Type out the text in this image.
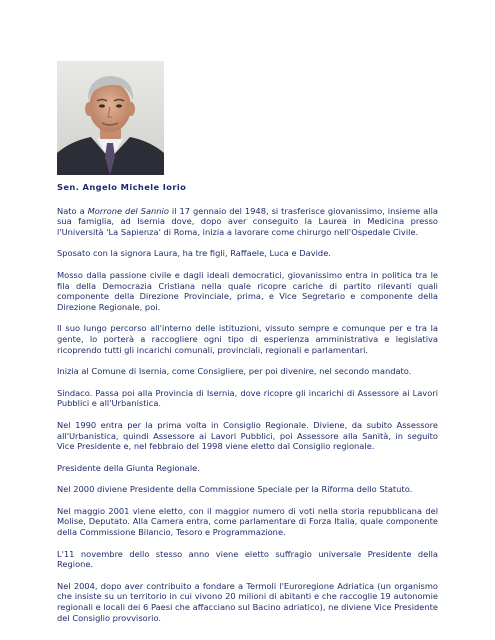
Sen. Angelo Michele Iorio

Nato a Morrone del Sannio il 17 gennaio del 1948, si trasferisce giovanissimo, insieme alla sua famiglia, ad Isernia dove, dopo aver conseguito la Laurea in Medicina presso l'Università 'La Sapienza' di Roma, inizia a lavorare come chirurgo nell'Ospedale Civile.

Sposato con la signora Laura, ha tre figli, Raffaele, Luca e Davide.

Mosso dalla passione civile e dagli ideali democratici, giovanissimo entra in politica tra le fila della Democrazia Cristiana nella quale ricopre cariche di partito rilevanti quali componente della Direzione Provinciale, prima, e Vice Segretario e componente della Direzione Regionale, poi.

Il suo lungo percorso all'interno delle istituzioni, vissuto sempre e comunque per e tra la gente, lo porterà a raccogliere ogni tipo di esperienza amministrativa e legislativa ricoprendo tutti gli incarichi comunali, provinciali, regionali e parlamentari.

Inizia al Comune di Isernia, come Consigliere, per poi divenire, nel secondo mandato.

Sindaco. Passa poi alla Provincia di Isernia, dove ricopre gli incarichi di Assessore ai Lavori Pubblici e all'Urbanistica.

Nel 1990 entra per la prima volta in Consiglio Regionale. Diviene, da subito Assessore all'Urbanistica, quindi Assessore ai Lavori Pubblici, poi Assessore alla Sanità, in seguito Vice Presidente e, nel febbraio del 1998 viene eletto dal Consiglio regionale.

Presidente della Giunta Regionale.

Nel 2000 diviene Presidente della Commissione Speciale per la Riforma dello Statuto.

Nel maggio 2001 viene eletto, con il maggior numero di voti nella storia repubblicana del Molise, Deputato. Alla Camera entra, come parlamentare di Forza Italia, quale componente della Commissione Bilancio, Tesoro e Programmazione.

L'11 novembre dello stesso anno viene eletto suffragio universale Presidente della Regione.

Nel 2004, dopo aver contribuito a fondare a Termoli l'Euroregione Adriatica (un organismo che insiste su un territorio in cui vivono 20 milioni di abitanti e che raccoglie 19 autonomie regionali e locali dei 6 Paesi che affacciano sul Bacino adriatico), ne diviene Vice Presidente del Consiglio provvisorio.
